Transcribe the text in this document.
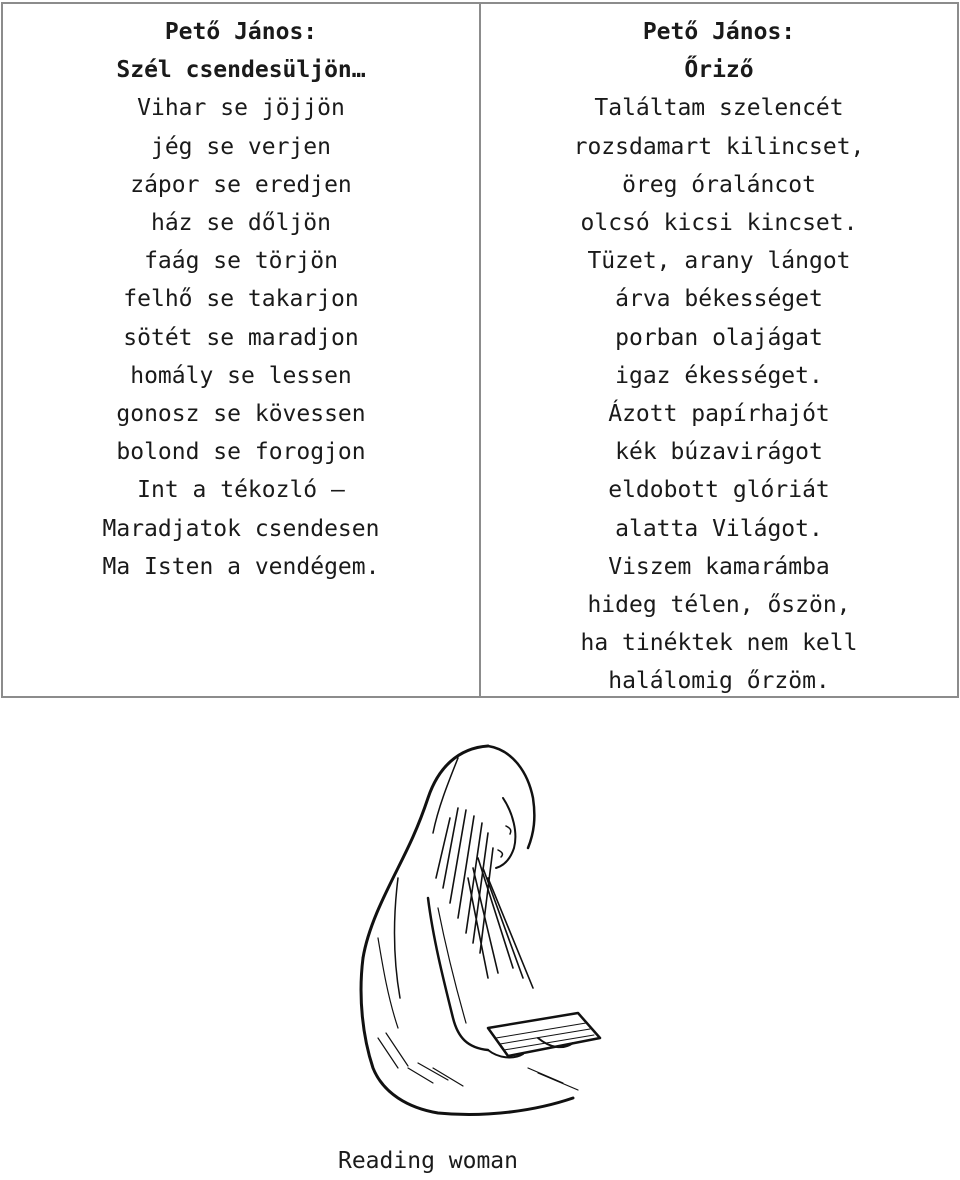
Pető János:
Szél csendesüljön…
Vihar se jöjjön
jég se verjen
zápor se eredjen
ház se dőljön
faág se törjön
felhő se takarjon
sötét se maradjon
homály se lessen
gonosz se kövessen
bolond se forogjon
Int a tékozló –
Maradjatok csendesen
Ma Isten a vendégem.
Pető János:
Őriző
Találtam szelencét
rozsdamart kilincset,
öreg óraláncot
olcsó kicsi kincset.
Tüzet, arany lángot
árva békességet
porban olajágat
igaz ékességet.
Ázott papírhajót
kék búzavirágot
eldobott glóriát
alatta Világot.
Viszem kamarámba
hideg télen, őszön,
ha tinéktek nem kell
halálomig őrzöm.
Reading woman
